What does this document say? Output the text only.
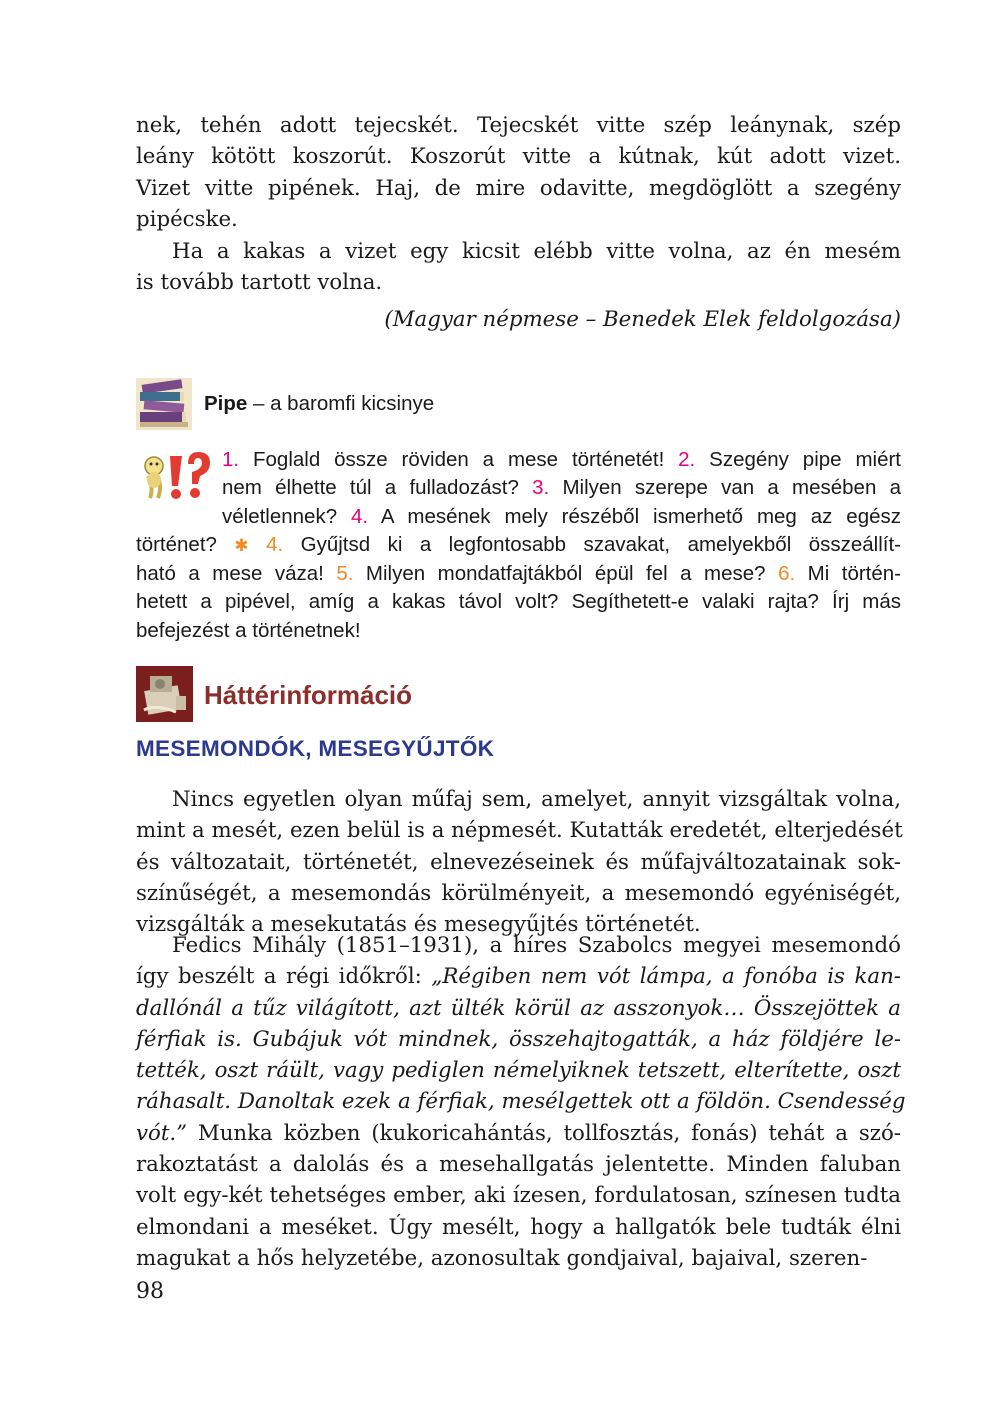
nek, tehén adott tejecskét. Tejecskét vitte szép leánynak, szép
leány kötött koszorút. Koszorút vitte a kútnak, kút adott vizet.
Vizet vitte pipének. Haj, de mire odavitte, megdöglött a szegény
pipécske.
Ha a kakas a vizet egy kicsit elébb vitte volna, az én mesém
is tovább tartott volna.
(Magyar népmese – Benedek Elek feldolgozása)
Pipe – a baromfi kicsinye
1. Foglald össze röviden a mese történetét! 2. Szegény pipe miért
nem élhette túl a fulladozást? 3. Milyen szerepe van a mesében a
véletlennek? 4. A mesének mely részéből ismerhető meg az egész
történet? ✱ 4. Gyűjtsd ki a legfontosabb szavakat, amelyekből összeállít-
ható a mese váza! 5. Milyen mondatfajtákból épül fel a mese? 6. Mi történ-
hetett a pipével, amíg a kakas távol volt? Segíthetett-e valaki rajta? Írj más
befejezést a történetnek!
Háttérinformáció
MESEMONDÓK, MESEGYŰJTŐK
Nincs egyetlen olyan műfaj sem, amelyet, annyit vizsgáltak volna,
mint a mesét, ezen belül is a népmesét. Kutatták eredetét, elterjedését
és változatait, történetét, elnevezéseinek és műfajváltozatainak sok-
színűségét, a mesemondás körülményeit, a mesemondó egyéniségét,
vizsgálták a mesekutatás és mesegyűjtés történetét.
Fedics Mihály (1851–1931), a híres Szabolcs megyei mesemondó
így beszélt a régi időkről: „Régiben nem vót lámpa, a fonóba is kan-
dallónál a tűz világított, azt ülték körül az asszonyok… Összejöttek a
férfiak is. Gubájuk vót mindnek, összehajtogatták, a ház földjére le-
tették, oszt ráült, vagy pediglen némelyiknek tetszett, elterítette, oszt
ráhasalt. Danoltak ezek a férfiak, mesélgettek ott a földön. Csendesség
vót.” Munka közben (kukoricahántás, tollfosztás, fonás) tehát a szó-
rakoztatást a dalolás és a mesehallgatás jelentette. Minden faluban
volt egy-két tehetséges ember, aki ízesen, fordulatosan, színesen tudta
elmondani a meséket. Úgy mesélt, hogy a hallgatók bele tudták élni
magukat a hős helyzetébe, azonosultak gondjaival, bajaival, szeren-
98
